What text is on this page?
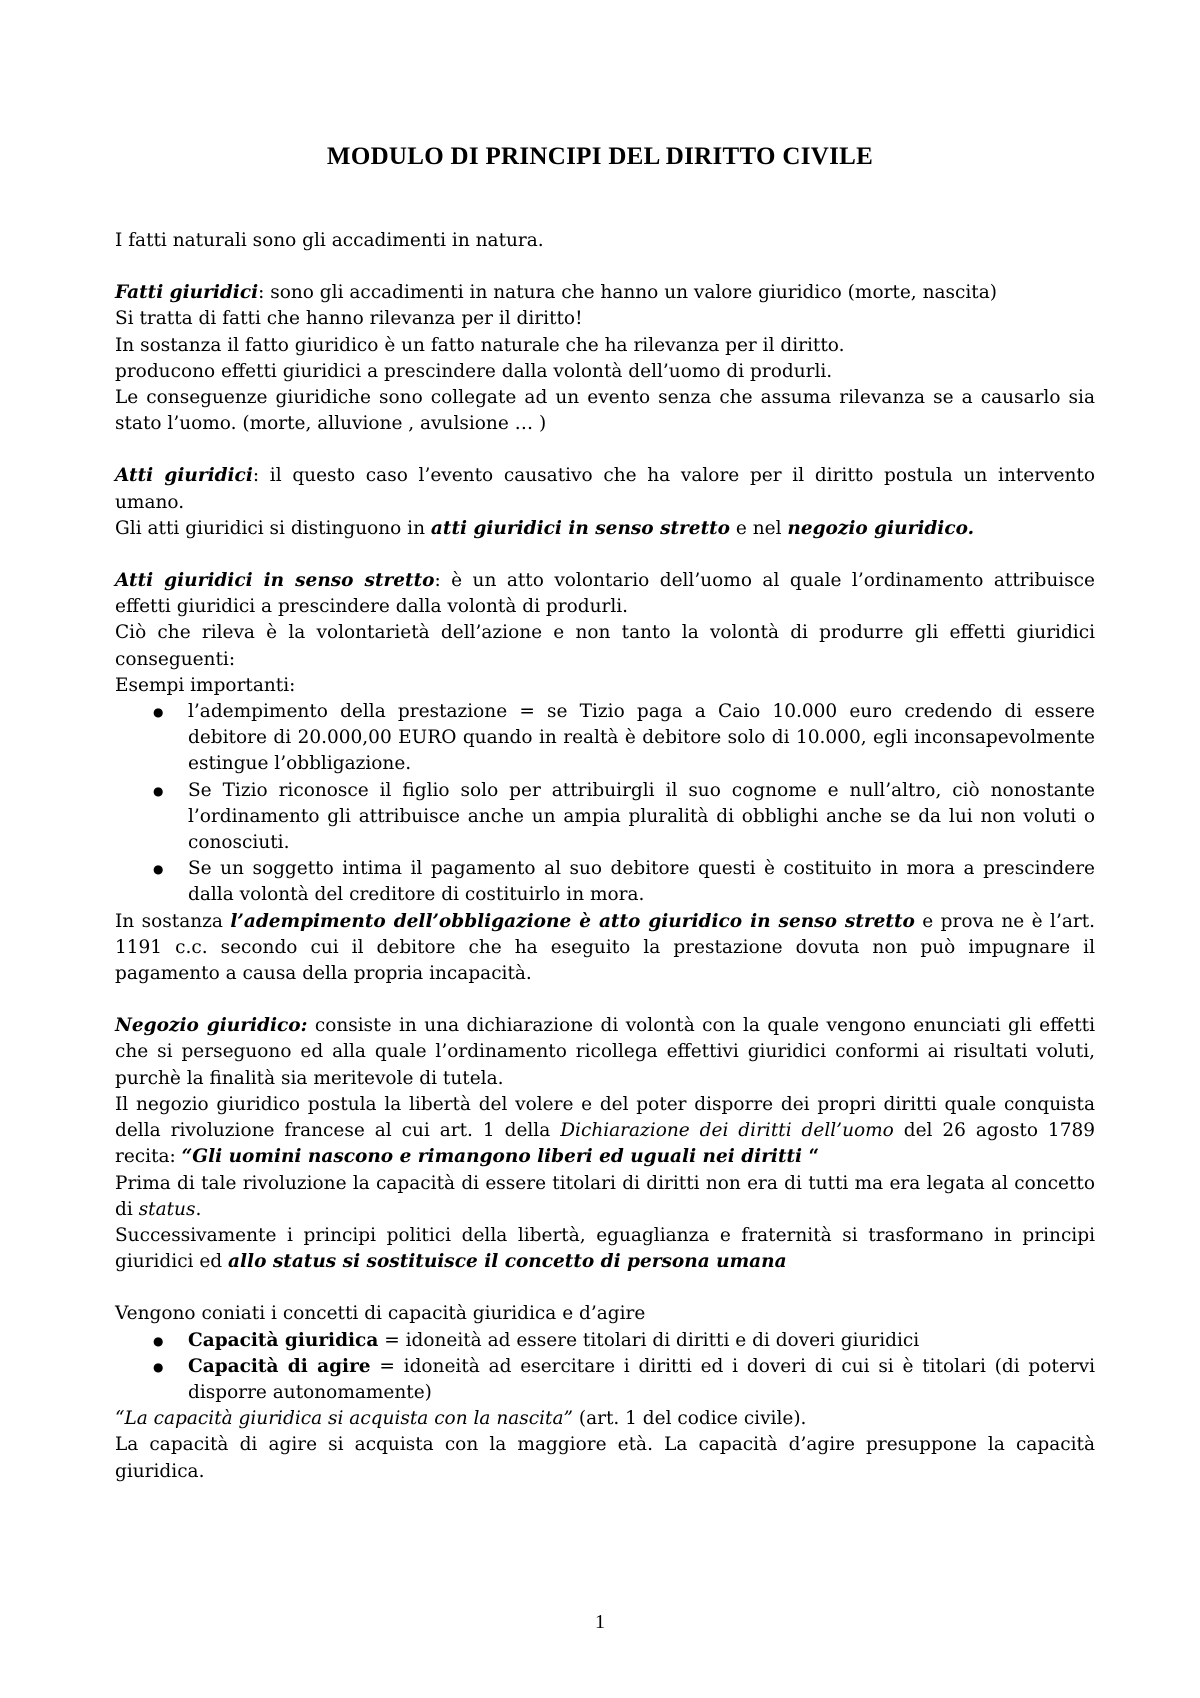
MODULO DI PRINCIPI DEL DIRITTO CIVILE

I fatti naturali sono gli accadimenti in natura.

Fatti giuridici: sono gli accadimenti in natura che hanno un valore giuridico (morte, nascita)

Si tratta di fatti che hanno rilevanza per il diritto!

In sostanza il fatto giuridico è un fatto naturale che ha rilevanza per il diritto.

producono effetti giuridici a prescindere dalla volontà dell’uomo di produrli.

Le conseguenze giuridiche sono collegate ad un evento senza che assuma rilevanza se a causarlo sia stato l’uomo. (morte, alluvione , avulsione … )

Atti giuridici: il questo caso l’evento causativo che ha valore per il diritto postula un intervento umano.

Gli atti giuridici si distinguono in atti giuridici in senso stretto e nel negozio giuridico.

Atti giuridici in senso stretto: è un atto volontario dell’uomo al quale l’ordinamento attribuisce effetti giuridici a prescindere dalla volontà di produrli.

Ciò che rileva è la volontarietà dell’azione e non tanto la volontà di produrre gli effetti giuridici conseguenti:

Esempi importanti:

● l’adempimento della prestazione = se Tizio paga a Caio 10.000 euro credendo di essere debitore di 20.000,00 EURO quando in realtà è debitore solo di 10.000, egli inconsapevolmente estingue l’obbligazione.
● Se Tizio riconosce il figlio solo per attribuirgli il suo cognome e null’altro, ciò nonostante l’ordinamento gli attribuisce anche un ampia pluralità di obblighi anche se da lui non voluti o conosciuti.
● Se un soggetto intima il pagamento al suo debitore questi è costituito in mora a prescindere dalla volontà del creditore di costituirlo in mora.

In sostanza l’adempimento dell’obbligazione è atto giuridico in senso stretto e prova ne è l’art. 1191 c.c. secondo cui il debitore che ha eseguito la prestazione dovuta non può impugnare il pagamento a causa della propria incapacità.

Negozio giuridico: consiste in una dichiarazione di volontà con la quale vengono enunciati gli effetti che si perseguono ed alla quale l’ordinamento ricollega effettivi giuridici conformi ai risultati voluti, purchè la finalità sia meritevole di tutela.

Il negozio giuridico postula la libertà del volere e del poter disporre dei propri diritti quale conquista della rivoluzione francese al cui art. 1 della Dichiarazione dei diritti dell’uomo del 26 agosto 1789 recita: “Gli uomini nascono e rimangono liberi ed uguali nei diritti “

Prima di tale rivoluzione la capacità di essere titolari di diritti non era di tutti ma era legata al concetto di status.

Successivamente i principi politici della libertà, eguaglianza e fraternità si trasformano in principi giuridici ed allo status si sostituisce il concetto di persona umana

Vengono coniati i concetti di capacità giuridica e d’agire

● Capacità giuridica = idoneità ad essere titolari di diritti e di doveri giuridici
● Capacità di agire = idoneità ad esercitare i diritti ed i doveri di cui si è titolari (di potervi disporre autonomamente)

“La capacità giuridica si acquista con la nascita” (art. 1 del codice civile).

La capacità di agire si acquista con la maggiore età. La capacità d’agire presuppone la capacità giuridica.

1
